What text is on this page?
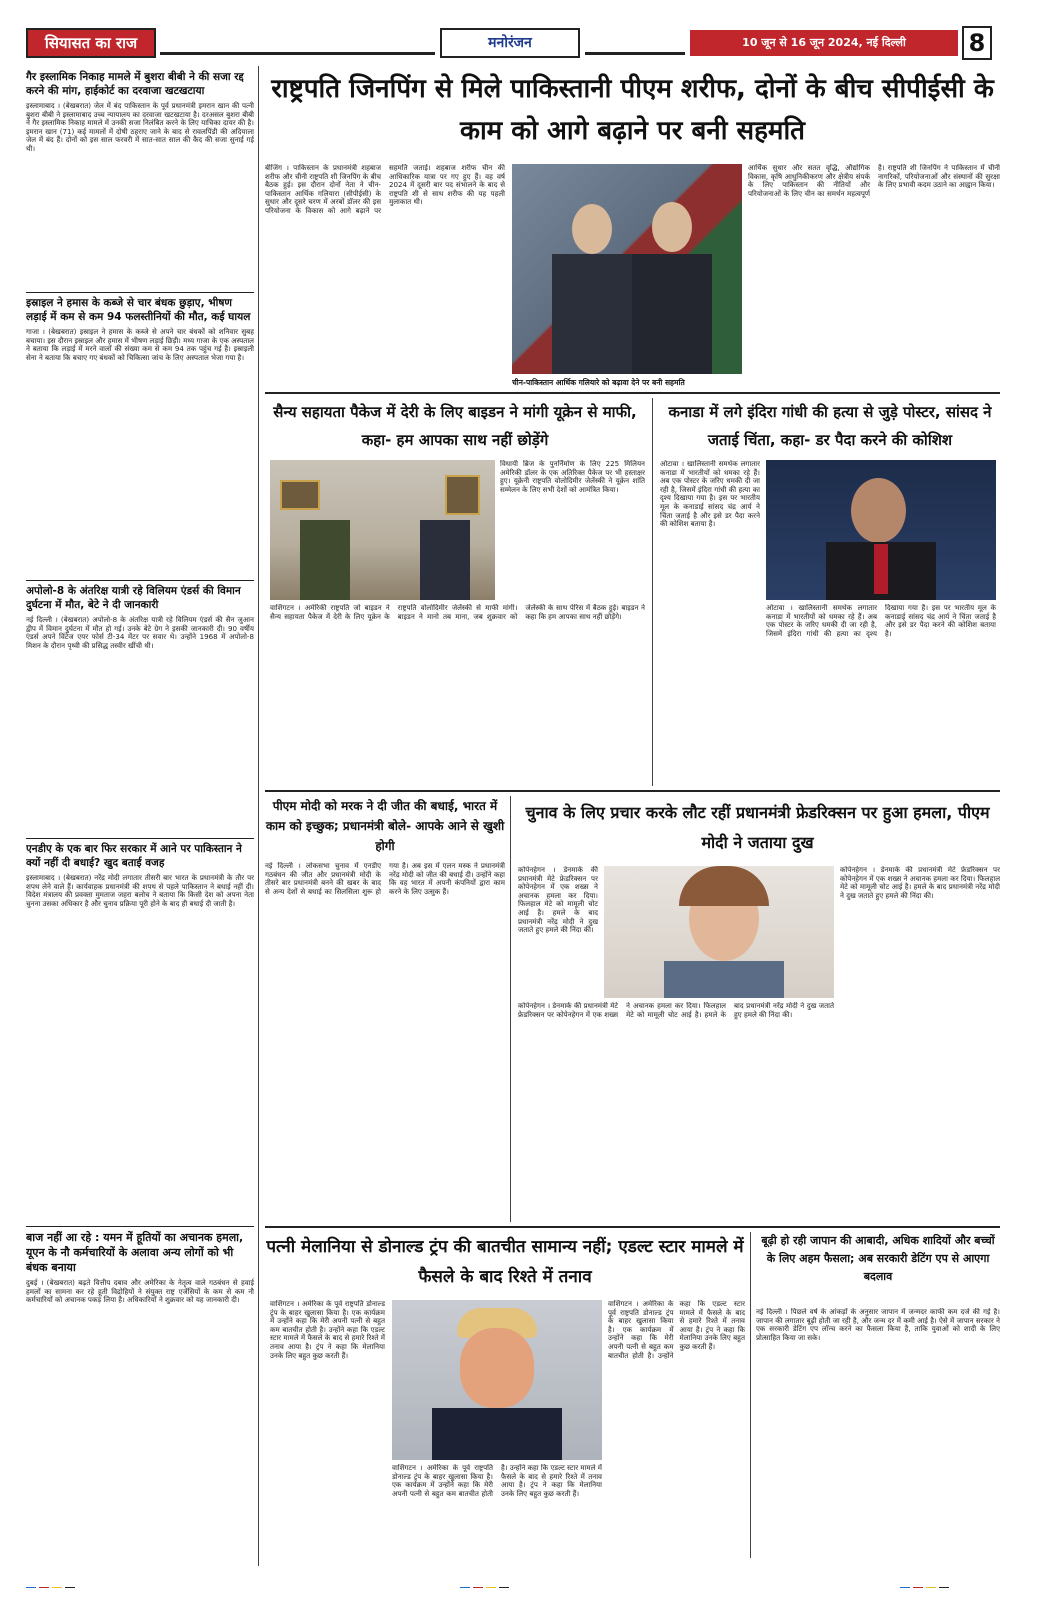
सियासत का राज	मनोरंजन	10 जून से 16 जून 2024, नई दिल्ली	8
गैर इस्लामिक निकाह मामले में बुशरा बीबी ने की सजा रद्द करने की मांग, हाईकोर्ट का दरवाजा खटखटाया
इस्लामाबाद । (बेखबरात) जेल में बंद पाकिस्तान के पूर्व प्रधानमंत्री इमरान खान की पत्नी बुशरा बीबी ने इस्लामाबाद उच्च न्यायालय का दरवाजा खटखटाया है। दरअसल बुशरा बीबी ने गैर इस्लामिक निकाह मामले में उनकी सजा निलंबित करने के लिए याचिका दायर की है। इमरान खान (71) कई मामलों में दोषी ठहराए जाने के बाद से रावलपिंडी की अदियाला जेल में बंद हैं। दोनों को इस साल फरवरी में सात-सात साल की कैद की सजा सुनाई गई थी।
इस्राइल ने हमास के कब्जे से चार बंधक छुड़ाए, भीषण लड़ाई में कम से कम 94 फलस्तीनियों की मौत, कई घायल
गाजा । (बेखबरात) इस्राइल ने हमास के कब्जे से अपने चार बंधकों को शनिवार सुबह बचाया। इस दौरान इस्राइल और हमास में भीषण लड़ाई छिड़ी। मध्य गाजा के एक अस्पताल ने बताया कि लड़ाई में मरने वालों की संख्या कम से कम 94 तक पहुंच गई है। इस्राइली सेना ने बताया कि बचाए गए बंधकों को चिकित्सा जांच के लिए अस्पताल भेजा गया है।
अपोलो-8 के अंतरिक्ष यात्री रहे विलियम एंडर्स की विमान दुर्घटना में मौत, बेटे ने दी जानकारी
नई दिल्ली । (बेखबरात) अपोलो-8 के अंतरिक्ष यात्री रहे विलियम एंडर्स की सैन जुआन द्वीप में विमान दुर्घटना में मौत हो गई। उनके बेटे ग्रेग ने इसकी जानकारी दी। 90 वर्षीय एंडर्स अपने विंटेज एयर फोर्स टी-34 मेंटर पर सवार थे। उन्होंने 1968 में अपोलो-8 मिशन के दौरान पृथ्वी की प्रसिद्ध तस्वीर खींची थी।
एनडीए के एक बार फिर सरकार में आने पर पाकिस्तान ने क्यों नहीं दी बधाई? खुद बताई वजह
इस्लामाबाद । (बेखबरात) नरेंद्र मोदी लगातार तीसरी बार भारत के प्रधानमंत्री के तौर पर शपथ लेने वाले हैं। कार्यवाहक प्रधानमंत्री की शपथ से पहले पाकिस्तान ने बधाई नहीं दी। विदेश मंत्रालय की प्रवक्ता मुमताज जहरा बलोच ने बताया कि किसी देश को अपना नेता चुनना उसका अधिकार है और चुनाव प्रक्रिया पूरी होने के बाद ही बधाई दी जाती है।
बाज नहीं आ रहे : यमन में हूतियों का अचानक हमला, यूएन के नौ कर्मचारियों के अलावा अन्य लोगों को भी बंधक बनाया
दुबई । (बेखबरात) बढ़ते वित्तीय दबाव और अमेरिका के नेतृत्व वाले गठबंधन से हवाई हमलों का सामना कर रहे हूती विद्रोहियों ने संयुक्त राष्ट्र एजेंसियों के कम से कम नौ कर्मचारियों को अचानक पकड़ लिया है। अधिकारियों ने शुक्रवार को यह जानकारी दी।
राष्ट्रपति जिनपिंग से मिले पाकिस्तानी पीएम शरीफ, दोनों के बीच सीपीईसी के काम को आगे बढ़ाने पर बनी सहमति
बीजिंग । पाकिस्तान के प्रधानमंत्री शहबाज शरीफ और चीनी राष्ट्रपति शी जिनपिंग के बीच बैठक हुई। इस दौरान दोनों नेता ने चीन-पाकिस्तान आर्थिक गलियारा (सीपीईसी) के सुधार और दूसरे चरण में अरबों डॉलर की इस परियोजना के विकास को आगे बढ़ाने पर सहमति जताई। शहबाज शरीफ चीन की आधिकारिक यात्रा पर गए हुए हैं। वह वर्ष 2024 में दूसरी बार पद संभालने के बाद से राष्ट्रपति शी से साथ शरीफ की यह पहली मुलाकात थी।
चीन-पाकिस्तान आर्थिक गलियारे को बढ़ावा देने पर बनी सहमति
आर्थिक सुधार और सतत वृद्धि, औद्योगिक विकास, कृषि आधुनिकीकरण और क्षेत्रीय संपर्क के लिए पाकिस्तान की नीतियों और परियोजनाओं के लिए चीन का समर्थन महत्वपूर्ण है। राष्ट्रपति शी जिनपिंग ने पाकिस्तान में चीनी नागरिकों, परियोजनाओं और संस्थानों की सुरक्षा के लिए प्रभावी कदम उठाने का आह्वान किया।
सैन्य सहायता पैकेज में देरी के लिए बाइडन ने मांगी यूक्रेन से माफी, कहा- हम आपका साथ नहीं छोड़ेंगे
विधायी ब्रिज के पुनर्निर्माण के लिए 225 मिलियन अमेरिकी डॉलर के एक अतिरिक्त पैकेज पर भी हस्ताक्षर हुए। यूक्रेनी राष्ट्रपति वोलोदिमीर जेलेंस्की ने यूक्रेन शांति सम्मेलन के लिए सभी देशों को आमंत्रित किया।
वाशिंगटन । अमेरिकी राष्ट्रपति जो बाइडन ने सैन्य सहायता पैकेज में देरी के लिए यूक्रेन के राष्ट्रपति वोलोदिमीर जेलेंस्की से माफी मांगी। बाइडन ने मानो तब माना, जब शुक्रवार को जेलेंस्की के साथ पेरिस में बैठक हुई। बाइडन ने कहा कि हम आपका साथ नहीं छोड़ेंगे।
कनाडा में लगे इंदिरा गांधी की हत्या से जुड़े पोस्टर, सांसद ने जताई चिंता, कहा- डर पैदा करने की कोशिश
ओटावा । खालिस्तानी समर्थक लगातार कनाडा में भारतीयों को धमका रहे हैं। अब एक पोस्टर के जरिए धमकी दी जा रही है, जिसमें इंदिरा गांधी की हत्या का दृश्य दिखाया गया है। इस पर भारतीय मूल के कनाडाई सांसद चंद्र आर्य ने चिंता जताई है और इसे डर पैदा करने की कोशिश बताया है।
ओटावा । खालिस्तानी समर्थक लगातार कनाडा में भारतीयों को धमका रहे हैं। अब एक पोस्टर के जरिए धमकी दी जा रही है, जिसमें इंदिरा गांधी की हत्या का दृश्य दिखाया गया है। इस पर भारतीय मूल के कनाडाई सांसद चंद्र आर्य ने चिंता जताई है और इसे डर पैदा करने की कोशिश बताया है।
पीएम मोदी को मरक ने दी जीत की बधाई, भारत में काम को इच्छुक; प्रधानमंत्री बोले- आपके आने से खुशी होगी
नई दिल्ली । लोकसभा चुनाव में एनडीए गठबंधन की जीत और प्रधानमंत्री मोदी के तीसरे बार प्रधानमंत्री बनने की खबर के बाद से अन्य देशों से बधाई का सिलसिला शुरू हो गया है। अब इस में एलन मस्क ने प्रधानमंत्री नरेंद्र मोदी को जीत की बधाई दी। उन्होंने कहा कि वह भारत में अपनी कंपनियों द्वारा काम करने के लिए उत्सुक हैं।
चुनाव के लिए प्रचार करके लौट रहीं प्रधानमंत्री फ्रेडरिक्सन पर हुआ हमला, पीएम मोदी ने जताया दुख
कोपेनहेगन । डेनमार्क की प्रधानमंत्री मेटे फ्रेडरिक्सन पर कोपेनहेगन में एक शख्स ने अचानक हमला कर दिया। फिलहाल मेटे को मामूली चोट आई है। हमले के बाद प्रधानमंत्री नरेंद्र मोदी ने दुख जताते हुए हमले की निंदा की।
कोपेनहेगन । डेनमार्क की प्रधानमंत्री मेटे फ्रेडरिक्सन पर कोपेनहेगन में एक शख्स ने अचानक हमला कर दिया। फिलहाल मेटे को मामूली चोट आई है। हमले के बाद प्रधानमंत्री नरेंद्र मोदी ने दुख जताते हुए हमले की निंदा की।
कोपेनहेगन । डेनमार्क की प्रधानमंत्री मेटे फ्रेडरिक्सन पर कोपेनहेगन में एक शख्स ने अचानक हमला कर दिया। फिलहाल मेटे को मामूली चोट आई है। हमले के बाद प्रधानमंत्री नरेंद्र मोदी ने दुख जताते हुए हमले की निंदा की।
पत्नी मेलानिया से डोनाल्ड ट्रंप की बातचीत सामान्य नहीं; एडल्ट स्टार मामले में फैसले के बाद रिश्ते में तनाव
वाशिंगटन । अमेरिका के पूर्व राष्ट्रपति डोनाल्ड ट्रंप के बाहर खुलासा किया है। एक कार्यक्रम में उन्होंने कहा कि मेरी अपनी पत्नी से बहुत कम बातचीत होती है। उन्होंने कहा कि एडल्ट स्टार मामले में फैसले के बाद से हमारे रिश्ते में तनाव आया है। ट्रंप ने कहा कि मेलानिया उनके लिए बहुत कुछ करती हैं।
वाशिंगटन । अमेरिका के पूर्व राष्ट्रपति डोनाल्ड ट्रंप के बाहर खुलासा किया है। एक कार्यक्रम में उन्होंने कहा कि मेरी अपनी पत्नी से बहुत कम बातचीत होती है। उन्होंने कहा कि एडल्ट स्टार मामले में फैसले के बाद से हमारे रिश्ते में तनाव आया है। ट्रंप ने कहा कि मेलानिया उनके लिए बहुत कुछ करती हैं।
वाशिंगटन । अमेरिका के पूर्व राष्ट्रपति डोनाल्ड ट्रंप के बाहर खुलासा किया है। एक कार्यक्रम में उन्होंने कहा कि मेरी अपनी पत्नी से बहुत कम बातचीत होती है। उन्होंने कहा कि एडल्ट स्टार मामले में फैसले के बाद से हमारे रिश्ते में तनाव आया है। ट्रंप ने कहा कि मेलानिया उनके लिए बहुत कुछ करती हैं।
बूढ़ी हो रही जापान की आबादी, अधिक शादियों और बच्चों के लिए अहम फैसला; अब सरकारी डेटिंग एप से आएगा बदलाव
नई दिल्ली । पिछले वर्ष के आंकड़ों के अनुसार जापान में जन्मदर काफी कम दर्ज की गई है। जापान की लगातार बूढ़ी होती जा रही है, और जन्म दर में कमी आई है। ऐसे में जापान सरकार ने एक सरकारी डेटिंग एप लॉन्च करने का फैसला किया है, ताकि युवाओं को शादी के लिए प्रोत्साहित किया जा सके।
